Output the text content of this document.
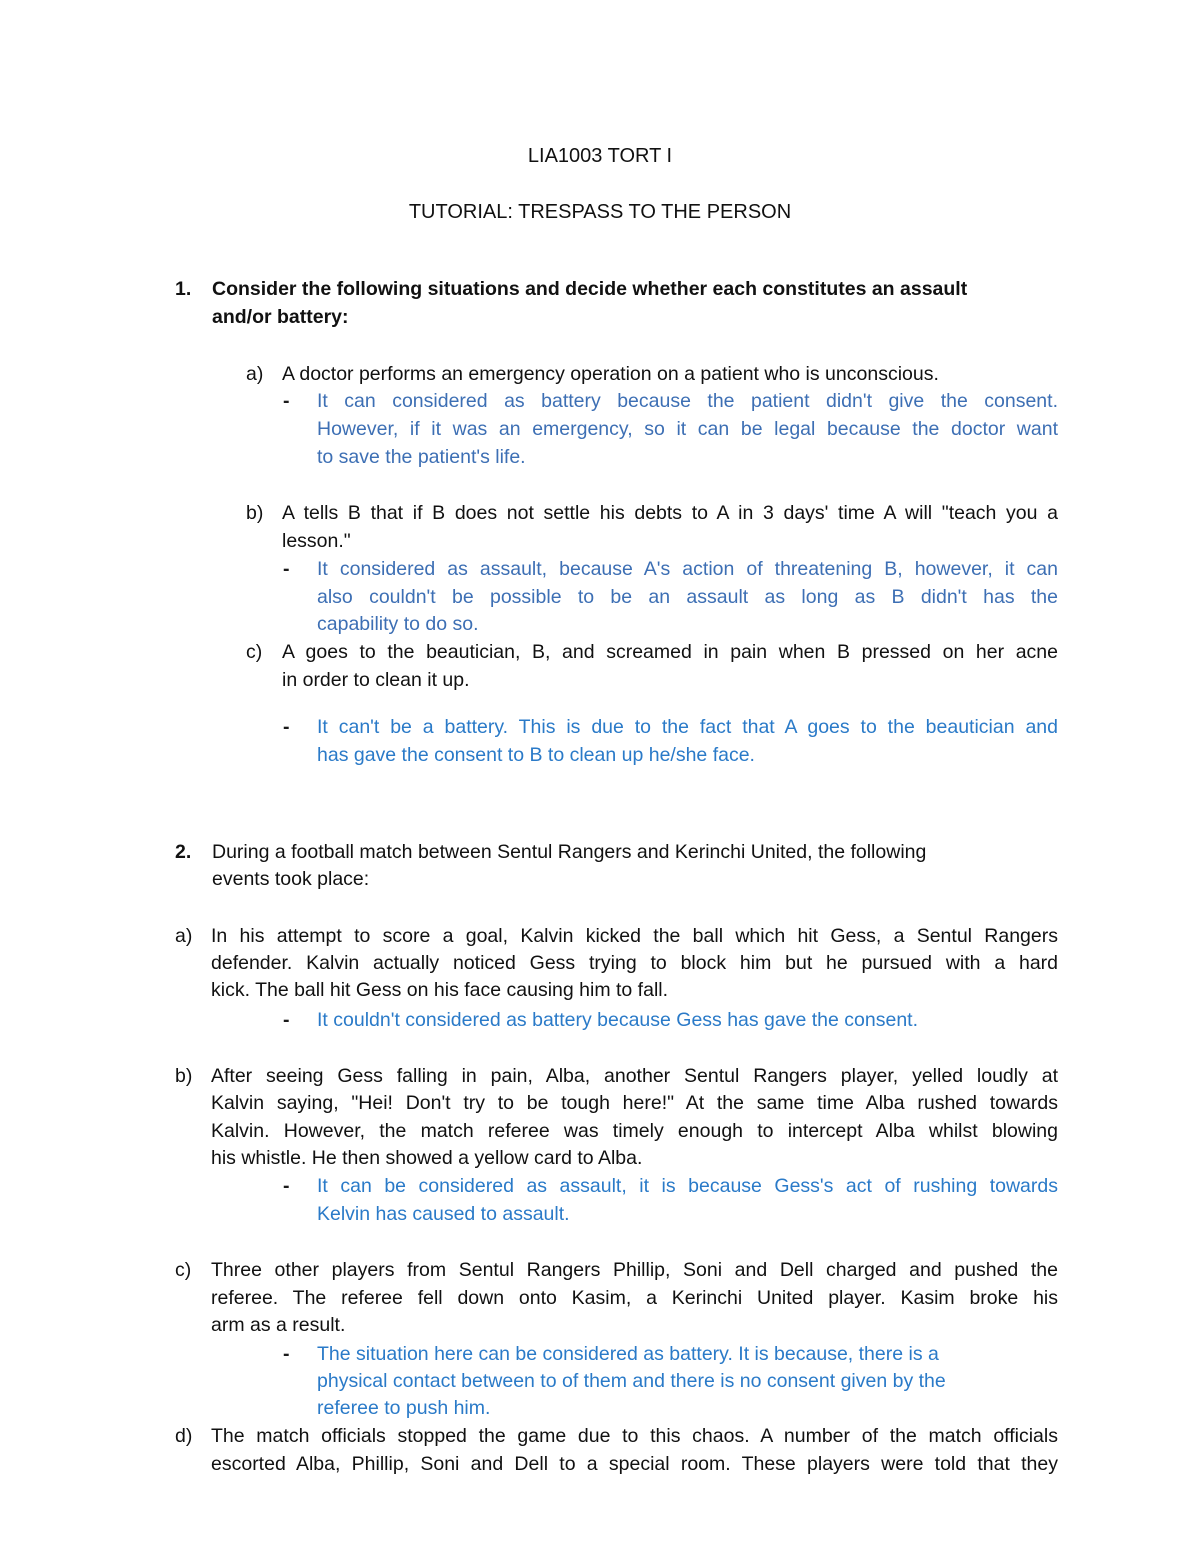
LIA1003 TORT I
TUTORIAL: TRESPASS TO THE PERSON
1. Consider the following situations and decide whether each constitutes an assault
and/or battery:
a) A doctor performs an emergency operation on a patient who is unconscious.
- It can considered as battery because the patient didn't give the consent.
However, if it was an emergency, so it can be legal because the doctor want
to save the patient's life.
b) A tells B that if B does not settle his debts to A in 3 days' time A will "teach you a
lesson."
- It considered as assault, because A's action of threatening B, however, it can
also couldn't be possible to be an assault as long as B didn't has the
capability to do so.
c) A goes to the beautician, B, and screamed in pain when B pressed on her acne
in order to clean it up.
- It can't be a battery. This is due to the fact that A goes to the beautician and
has gave the consent to B to clean up he/she face.
2. During a football match between Sentul Rangers and Kerinchi United, the following
events took place:
a) In his attempt to score a goal, Kalvin kicked the ball which hit Gess, a Sentul Rangers
defender. Kalvin actually noticed Gess trying to block him but he pursued with a hard
kick. The ball hit Gess on his face causing him to fall.
- It couldn't considered as battery because Gess has gave the consent.
b) After seeing Gess falling in pain, Alba, another Sentul Rangers player, yelled loudly at
Kalvin saying, "Hei! Don't try to be tough here!" At the same time Alba rushed towards
Kalvin. However, the match referee was timely enough to intercept Alba whilst blowing
his whistle. He then showed a yellow card to Alba.
- It can be considered as assault, it is because Gess's act of rushing towards
Kelvin has caused to assault.
c) Three other players from Sentul Rangers Phillip, Soni and Dell charged and pushed the
referee. The referee fell down onto Kasim, a Kerinchi United player. Kasim broke his
arm as a result.
- The situation here can be considered as battery. It is because, there is a
physical contact between to of them and there is no consent given by the
referee to push him.
d) The match officials stopped the game due to this chaos. A number of the match officials
escorted Alba, Phillip, Soni and Dell to a special room. These players were told that they
